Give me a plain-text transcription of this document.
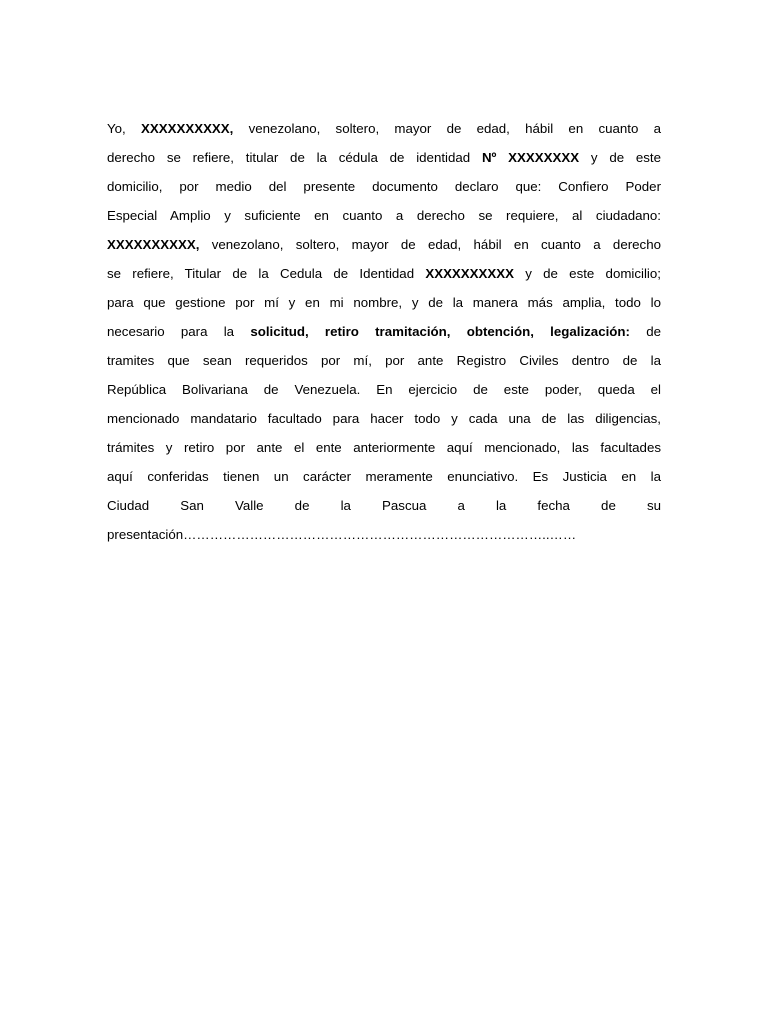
Yo, XXXXXXXXXX, venezolano, soltero, mayor de edad, hábil en cuanto a
derecho se refiere, titular de la cédula de identidad Nº XXXXXXXX y de este
domicilio, por medio del presente documento declaro que: Confiero Poder
Especial Amplio y suficiente en cuanto a derecho se requiere, al ciudadano:
XXXXXXXXXX, venezolano, soltero, mayor de edad, hábil en cuanto a derecho
se refiere, Titular de la Cedula de Identidad XXXXXXXXXX y de este domicilio;
para que gestione por mí y en mi nombre, y de la manera más amplia, todo lo
necesario para la solicitud, retiro tramitación, obtención, legalización: de
tramites que sean requeridos por mí, por ante Registro Civiles dentro de la
República Bolivariana de Venezuela. En ejercicio de este poder, queda el
mencionado mandatario facultado para hacer todo y cada una de las diligencias,
trámites y retiro por ante el ente anteriormente aquí mencionado, las facultades
aquí conferidas tienen un carácter meramente enunciativo. Es Justicia en la
Ciudad San Valle de la Pascua a la fecha de su
presentación………………………………………………………………………..……
